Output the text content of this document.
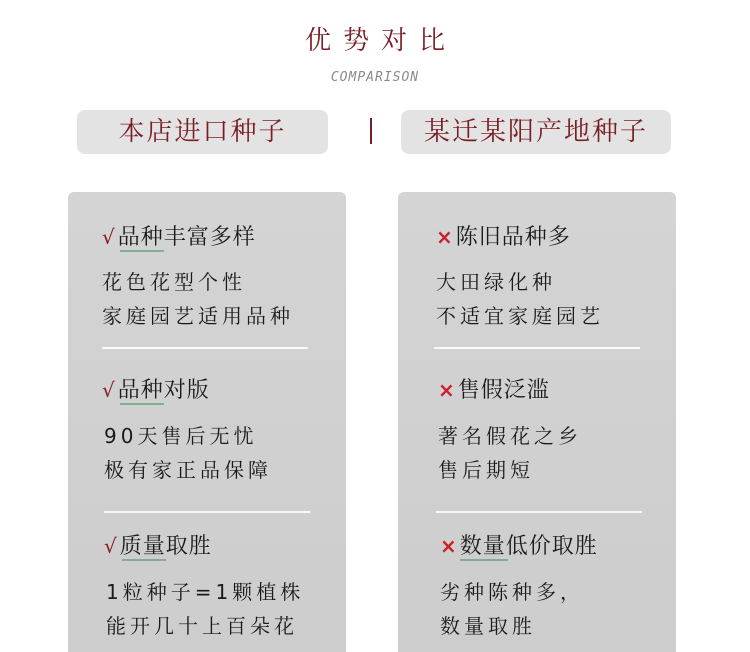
优势对比
COMPARISON
本店进口种子	某迁某阳产地种子
√品种丰富多样
花色花型个性
家庭园艺适用品种
√品种对版
90天售后无忧
极有家正品保障
√质量取胜
1粒种子=1颗植株
能开几十上百朵花
×陈旧品种多
大田绿化种
不适宜家庭园艺
×售假泛滥
著名假花之乡
售后期短
×数量低价取胜
劣种陈种多，
数量取胜
